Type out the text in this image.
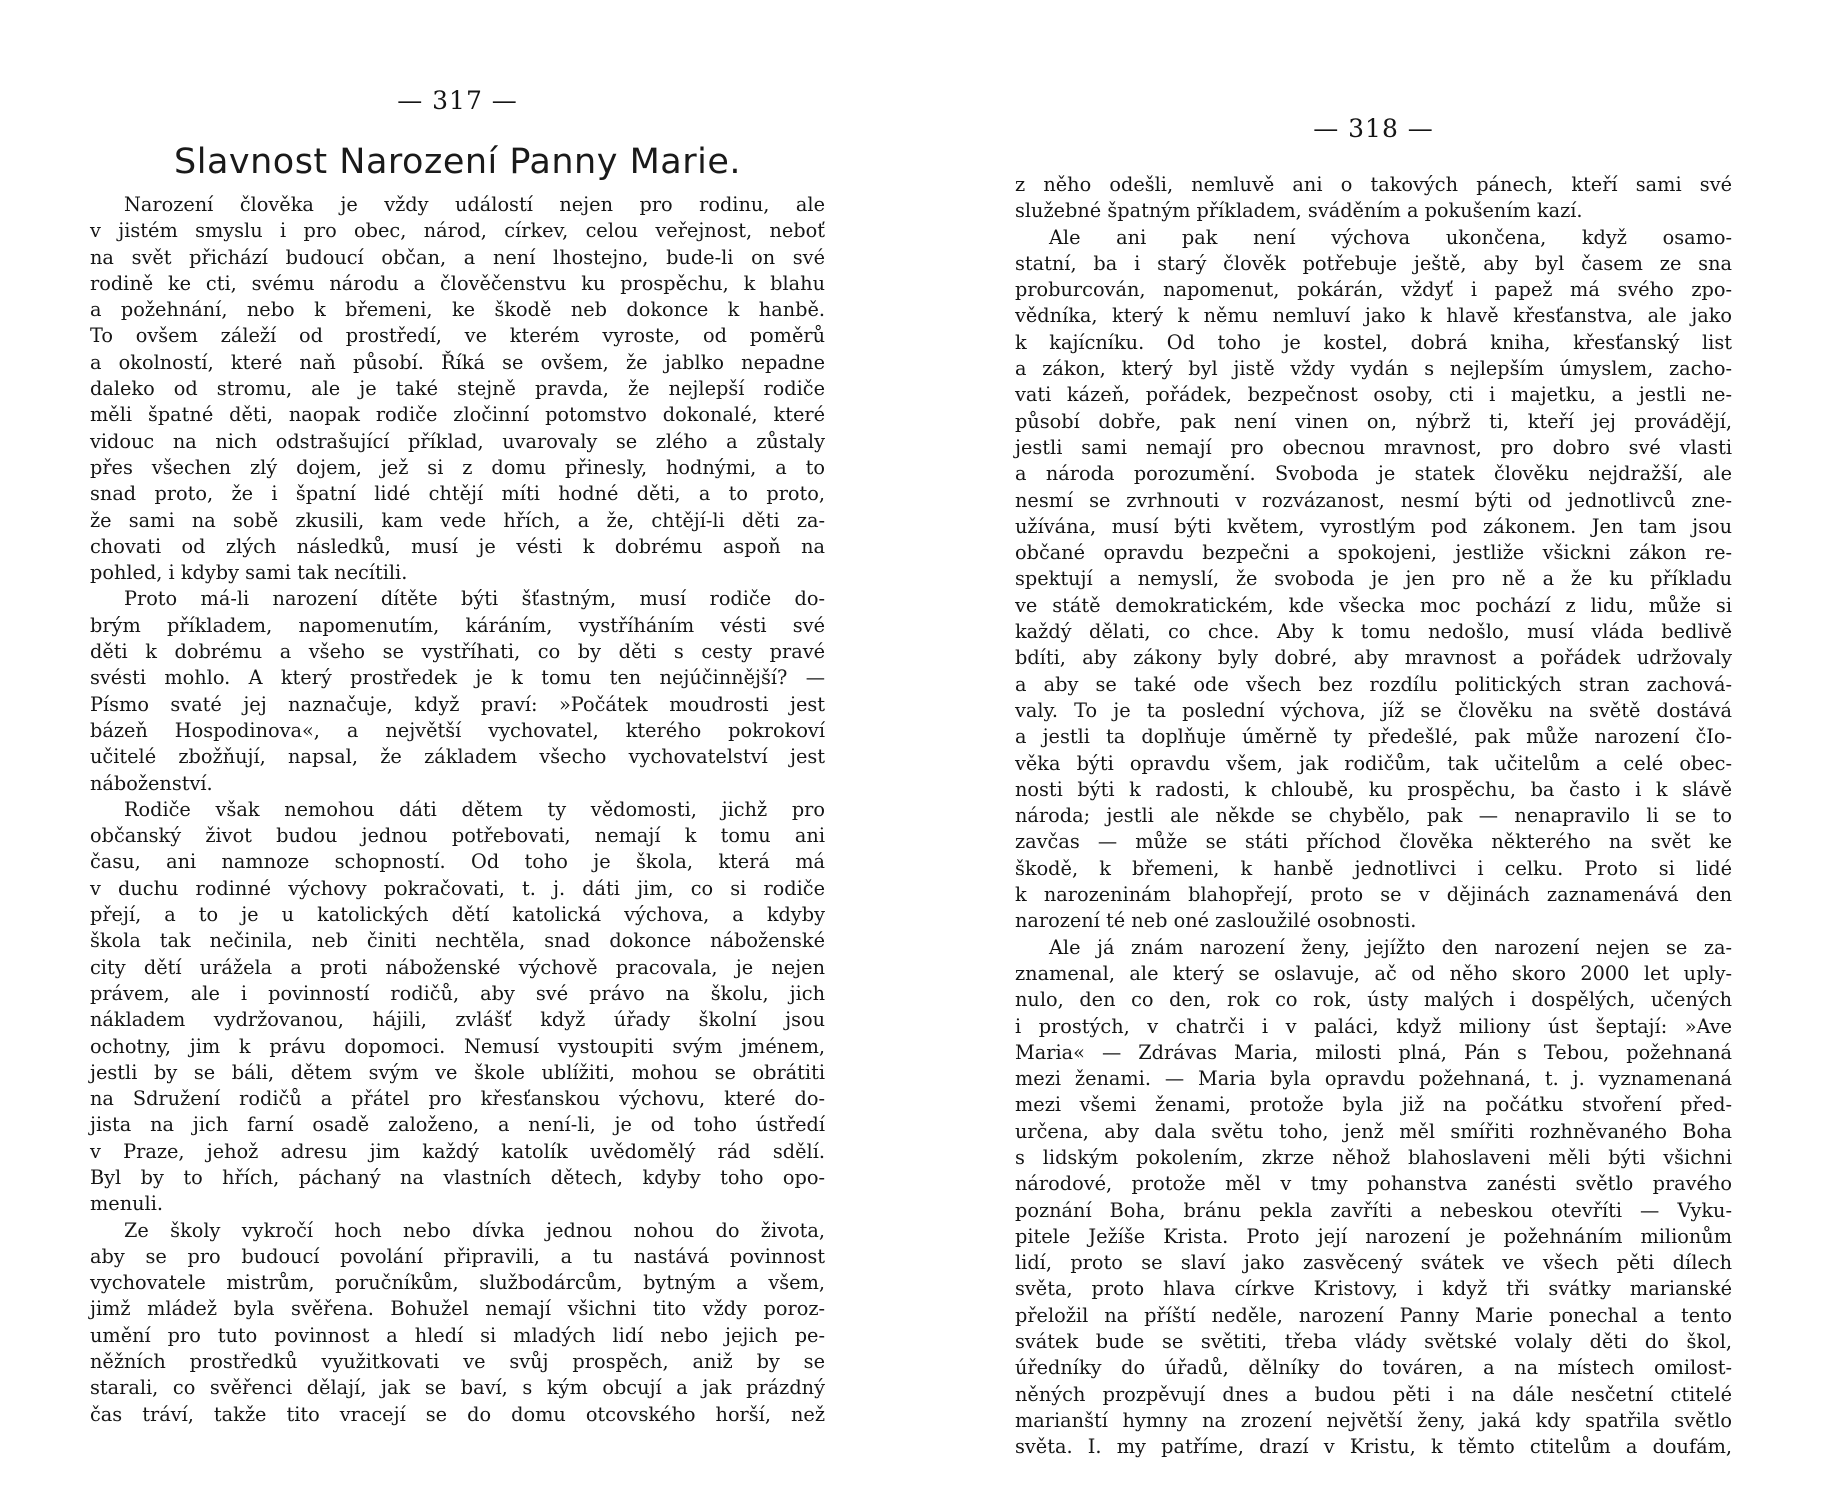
— 317 —
Slavnost Narození Panny Marie.
Narození člověka je vždy událostí nejen pro rodinu, ale
v jistém smyslu i pro obec, národ, církev, celou veřejnost, neboť
na svět přichází budoucí občan, a není lhostejno, bude-li on své
rodině ke cti, svému národu a člověčenstvu ku prospěchu, k blahu
a požehnání, nebo k břemeni, ke škodě neb dokonce k hanbě.
To ovšem záleží od prostředí, ve kterém vyroste, od poměrů
a okolností, které naň působí. Říká se ovšem, že jablko nepadne
daleko od stromu, ale je také stejně pravda, že nejlepší rodiče
měli špatné děti, naopak rodiče zločinní potomstvo dokonalé, které
vidouc na nich odstrašující příklad, uvarovaly se zlého a zůstaly
přes všechen zlý dojem, jež si z domu přinesly, hodnými, a to
snad proto, že i špatní lidé chtějí míti hodné děti, a to proto,
že sami na sobě zkusili, kam vede hřích, a že, chtějí-li děti za-
chovati od zlých následků, musí je vésti k dobrému aspoň na
pohled, i kdyby sami tak necítili.
Proto má-li narození dítěte býti šťastným, musí rodiče do-
brým příkladem, napomenutím, káráním, vystříháním vésti své
děti k dobrému a všeho se vystříhati, co by děti s cesty pravé
svésti mohlo. A který prostředek je k tomu ten nejúčinnější? —
Písmo svaté jej naznačuje, když praví: »Počátek moudrosti jest
bázeň Hospodinova«, a největší vychovatel, kterého pokrokoví
učitelé zbožňují, napsal, že základem všecho vychovatelství jest
náboženství.
Rodiče však nemohou dáti dětem ty vědomosti, jichž pro
občanský život budou jednou potřebovati, nemají k tomu ani
času, ani namnoze schopností. Od toho je škola, která má
v duchu rodinné výchovy pokračovati, t. j. dáti jim, co si rodiče
přejí, a to je u katolických dětí katolická výchova, a kdyby
škola tak nečinila, neb činiti nechtěla, snad dokonce náboženské
city dětí urážela a proti náboženské výchově pracovala, je nejen
právem, ale i povinností rodičů, aby své právo na školu, jich
nákladem vydržovanou, hájili, zvlášť když úřady školní jsou
ochotny, jim k právu dopomoci. Nemusí vystoupiti svým jménem,
jestli by se báli, dětem svým ve škole ublížiti, mohou se obrátiti
na Sdružení rodičů a přátel pro křesťanskou výchovu, které do-
jista na jich farní osadě založeno, a není-li, je od toho ústředí
v Praze, jehož adresu jim každý katolík uvědomělý rád sdělí.
Byl by to hřích, páchaný na vlastních dětech, kdyby toho opo-
menuli.
Ze školy vykročí hoch nebo dívka jednou nohou do života,
aby se pro budoucí povolání připravili, a tu nastává povinnost
vychovatele mistrům, poručníkům, službodárcům, bytným a všem,
jimž mládež byla svěřena. Bohužel nemají všichni tito vždy poroz-
umění pro tuto povinnost a hledí si mladých lidí nebo jejich pe-
něžních prostředků využitkovati ve svůj prospěch, aniž by se
starali, co svěřenci dělají, jak se baví, s kým obcují a jak prázdný
čas tráví, takže tito vracejí se do domu otcovského horší, než
— 318 —
z něho odešli, nemluvě ani o takových pánech, kteří sami své
služebné špatným příkladem, sváděním a pokušením kazí.
Ale ani pak není výchova ukončena, když osamo-
statní, ba i starý člověk potřebuje ještě, aby byl časem ze sna
proburcován, napomenut, pokárán, vždyť i papež má svého zpo-
vědníka, který k němu nemluví jako k hlavě křesťanstva, ale jako
k kajícníku. Od toho je kostel, dobrá kniha, křesťanský list
a zákon, který byl jistě vždy vydán s nejlepším úmyslem, zacho-
vati kázeň, pořádek, bezpečnost osoby, cti i majetku, a jestli ne-
působí dobře, pak není vinen on, nýbrž ti, kteří jej provádějí,
jestli sami nemají pro obecnou mravnost, pro dobro své vlasti
a národa porozumění. Svoboda je statek člověku nejdražší, ale
nesmí se zvrhnouti v rozvázanost, nesmí býti od jednotlivců zne-
užívána, musí býti květem, vyrostlým pod zákonem. Jen tam jsou
občané opravdu bezpečni a spokojeni, jestliže všickni zákon re-
spektují a nemyslí, že svoboda je jen pro ně a že ku příkladu
ve státě demokratickém, kde všecka moc pochází z lidu, může si
každý dělati, co chce. Aby k tomu nedošlo, musí vláda bedlivě
bdíti, aby zákony byly dobré, aby mravnost a pořádek udržovaly
a aby se také ode všech bez rozdílu politických stran zachová-
valy. To je ta poslední výchova, jíž se člověku na světě dostává
a jestli ta doplňuje úměrně ty předešlé, pak může narození čIo-
věka býti opravdu všem, jak rodičům, tak učitelům a celé obec-
nosti býti k radosti, k chloubě, ku prospěchu, ba často i k slávě
národa; jestli ale někde se chybělo, pak — nenapravilo li se to
zavčas — může se státi příchod člověka některého na svět ke
škodě, k břemeni, k hanbě jednotlivci i celku. Proto si lidé
k narozeninám blahopřejí, proto se v dějinách zaznamenává den
narození té neb oné zasloužilé osobnosti.
Ale já znám narození ženy, jejížto den narození nejen se za-
znamenal, ale který se oslavuje, ač od něho skoro 2000 let uply-
nulo, den co den, rok co rok, ústy malých i dospělých, učených
i prostých, v chatrči i v paláci, když miliony úst šeptají: »Ave
Maria« — Zdrávas Maria, milosti plná, Pán s Tebou, požehnaná
mezi ženami. — Maria byla opravdu požehnaná, t. j. vyznamenaná
mezi všemi ženami, protože byla již na počátku stvoření před-
určena, aby dala světu toho, jenž měl smířiti rozhněvaného Boha
s lidským pokolením, zkrze něhož blahoslaveni měli býti všichni
národové, protože měl v tmy pohanstva zanésti světlo pravého
poznání Boha, bránu pekla zavříti a nebeskou otevříti — Vyku-
pitele Ježíše Krista. Proto její narození je požehnáním milionům
lidí, proto se slaví jako zasvěcený svátek ve všech pěti dílech
světa, proto hlava církve Kristovy, i když tři svátky marianské
přeložil na příští neděle, narození Panny Marie ponechal a tento
svátek bude se světiti, třeba vlády světské volaly děti do škol,
úředníky do úřadů, dělníky do továren, a na místech omilost-
něných prozpěvují dnes a budou pěti i na dále nesčetní ctitelé
marianští hymny na zrození největší ženy, jaká kdy spatřila světlo
světa. I. my patříme, drazí v Kristu, k těmto ctitelům a doufám,
